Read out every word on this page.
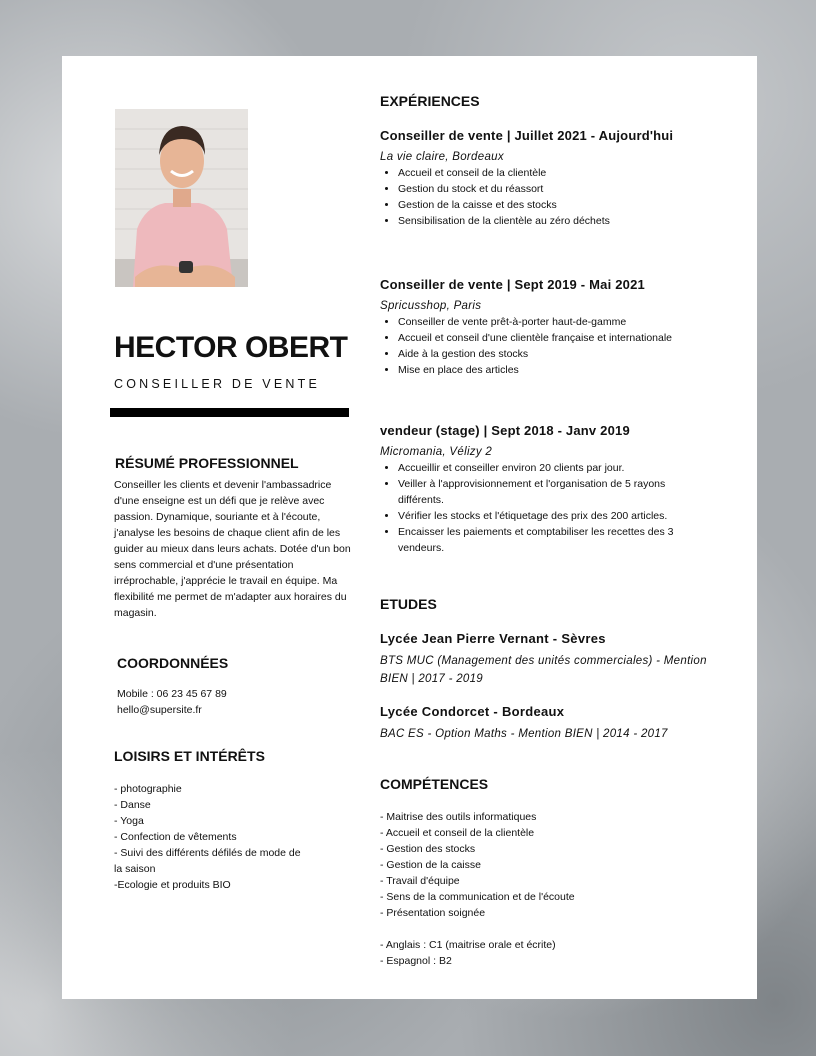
HECTOR OBERT

CONSEILLER DE VENTE

RÉSUMÉ PROFESSIONNEL

Conseiller les clients et devenir l'ambassadrice d'une enseigne est un défi que je relève avec passion. Dynamique, souriante et à l'écoute, j'analyse les besoins de chaque client afin de les guider au mieux dans leurs achats. Dotée d'un bon sens commercial et d'une présentation irréprochable, j'apprécie le travail en équipe. Ma flexibilité me permet de m'adapter aux horaires du magasin.

COORDONNÉES
Mobile : 06 23 45 67 89
hello@supersite.fr
LOISIRS ET INTÉRÊTS
- photographie
- Danse
- Yoga
- Confection de vêtements
- Suivi des différents défilés de mode de
la saison
-Ecologie et produits BIO
EXPÉRIENCES

Conseiller de vente | Juillet 2021 - Aujourd'hui

La vie claire, Bordeaux

• Accueil et conseil de la clientèle
• Gestion du stock et du réassort
• Gestion de la caisse et des stocks
• Sensibilisation de la clientèle au zéro déchets

Conseiller de vente | Sept 2019 - Mai 2021

Spricusshop, Paris

• Conseiller de vente prêt-à-porter haut-de-gamme
• Accueil et conseil d'une clientèle française et internationale
• Aide à la gestion des stocks
• Mise en place des articles

vendeur (stage) | Sept 2018 - Janv 2019

Micromania, Vélizy 2

• Accueillir et conseiller environ 20 clients par jour.
• Veiller à l'approvisionnement et l'organisation de 5 rayons différents.
• Vérifier les stocks et l'étiquetage des prix des 200 articles.
• Encaisser les paiements et comptabiliser les recettes des 3 vendeurs.
ETUDES

Lycée Jean Pierre Vernant - Sèvres

BTS MUC (Management des unités commerciales) - Mention BIEN | 2017 - 2019

Lycée Condorcet - Bordeaux

BAC ES - Option Maths - Mention BIEN | 2014 - 2017

COMPÉTENCES
- Maitrise des outils informatiques
- Accueil et conseil de la clientèle
- Gestion des stocks
- Gestion de la caisse
- Travail d'équipe
- Sens de la communication et de l'écoute
- Présentation soignée
- Anglais : C1 (maitrise orale et écrite)
- Espagnol : B2
